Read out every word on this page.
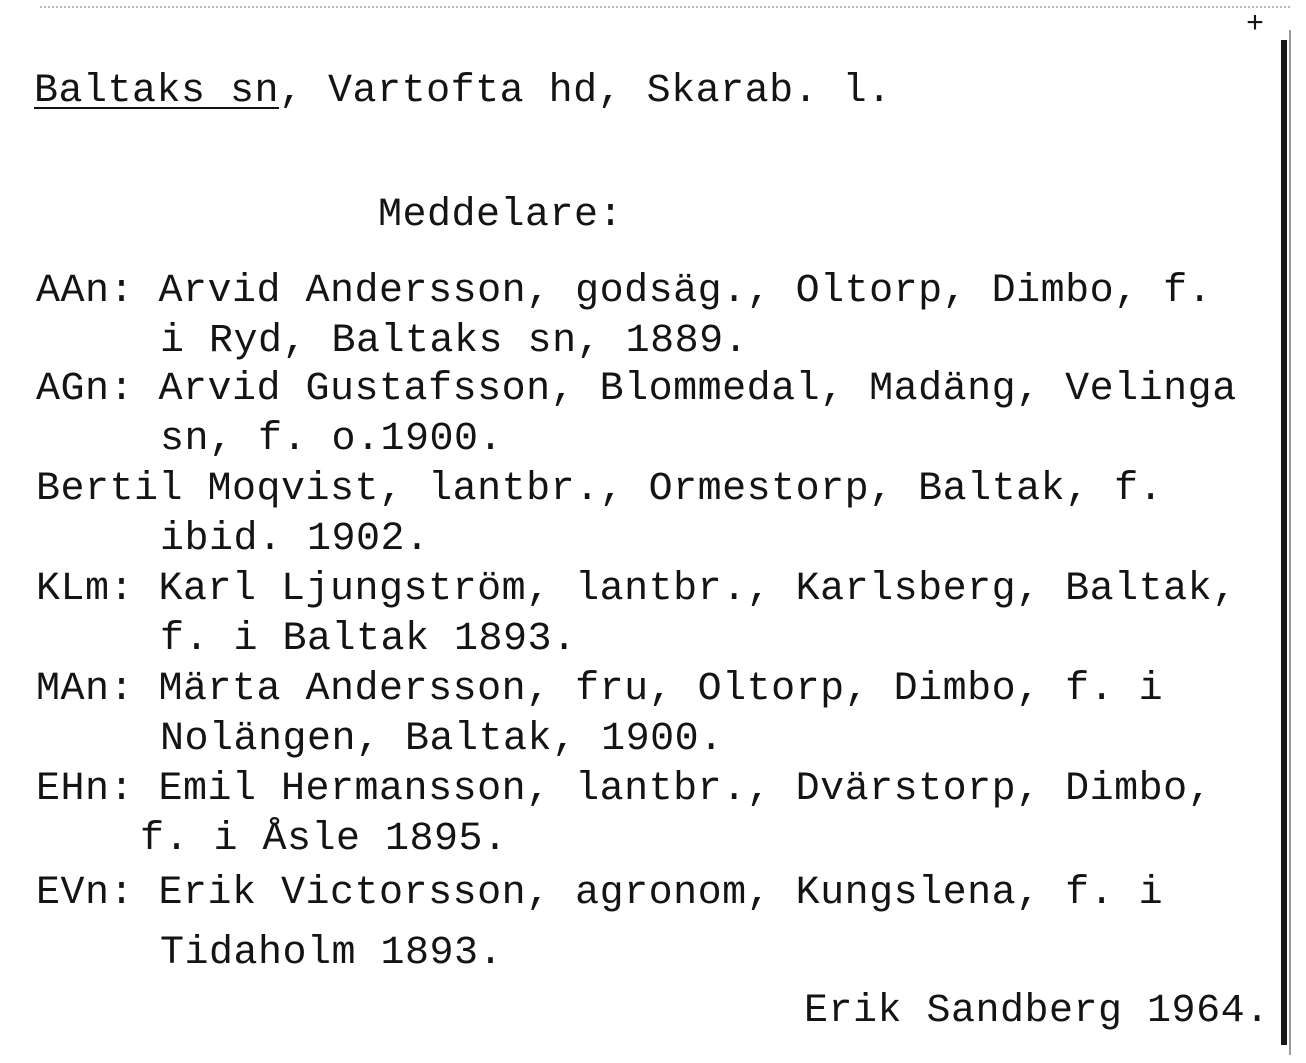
+
Baltaks sn, Vartofta hd, Skarab. l.
Meddelare:
AAn: Arvid Andersson, godsäg., Oltorp, Dimbo, f.
i Ryd, Baltaks sn, 1889.
AGn: Arvid Gustafsson, Blommedal, Madäng, Velinga
sn, f. o.1900.
Bertil Moqvist, lantbr., Ormestorp, Baltak, f.
ibid. 1902.
KLm: Karl Ljungström, lantbr., Karlsberg, Baltak,
f. i Baltak 1893.
MAn: Märta Andersson, fru, Oltorp, Dimbo, f. i
Nolängen, Baltak, 1900.
EHn: Emil Hermansson, lantbr., Dvärstorp, Dimbo,
f. i Åsle 1895.
EVn: Erik Victorsson, agronom, Kungslena, f. i
Tidaholm 1893.
Erik Sandberg 1964.
